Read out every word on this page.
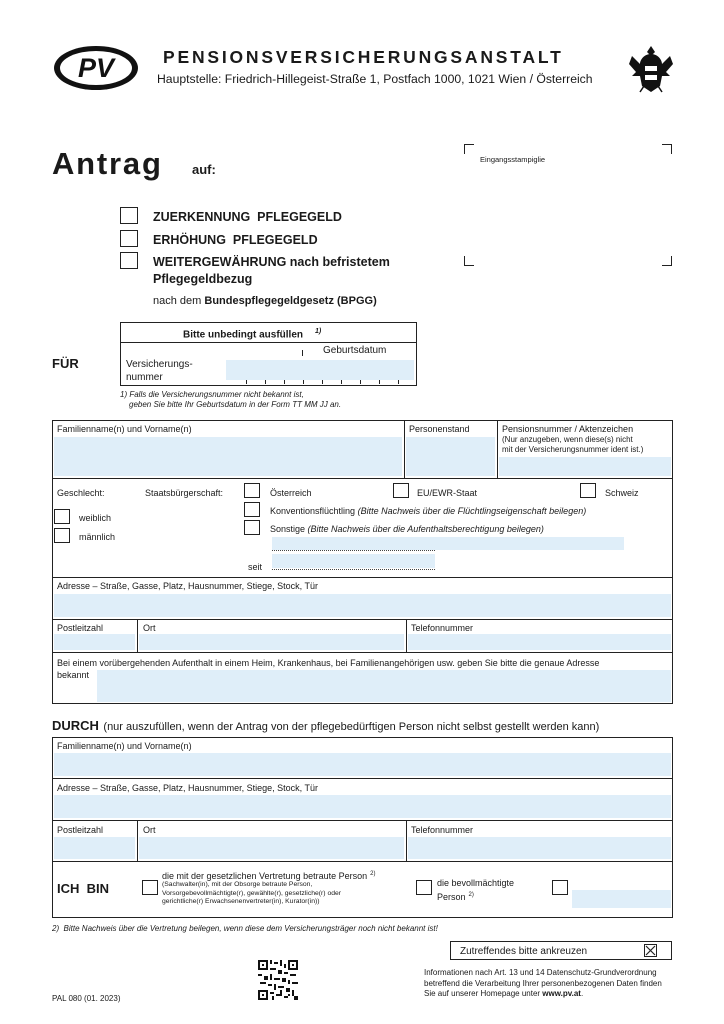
PV	PENSIONSVERSICHERUNGSANSTALT
Hauptstelle: Friedrich-Hillegeist-Straße 1, Postfach 1000, 1021 Wien / Österreich
Antrag auf:
Eingangsstampiglie
ZUERKENNUNG  PFLEGEGELD
ERHÖHUNG  PFLEGEGELD
WEITERGEWÄHRUNG nach befristetem
Pflegegeldbezug
nach dem Bundespflegegeldgesetz (BPGG)
FÜR
Bitte unbedingt ausfüllen $^{1)}$
Versicherungs-
nummer
Geburtsdatum
1) Falls die Versicherungsnummer nicht bekannt ist,
geben Sie bitte Ihr Geburtsdatum in der Form TT MM JJ an.
Familienname(n) und Vorname(n)	Personenstand	Pensionsnummer / Aktenzeichen
(Nur anzugeben, wenn diese(s) nicht
mit der Versicherungsnummer ident ist.)
Geschlecht:
weiblich
männlich
Staatsbürgerschaft:	Österreich	EU/EWR-Staat	Schweiz
Konventionsflüchtling (Bitte Nachweis über die Flüchtlingseigenschaft beilegen)
Sonstige (Bitte Nachweis über die Aufenthaltsberechtigung beilegen)
seit
Adresse – Straße, Gasse, Platz, Hausnummer, Stiege, Stock, Tür
Postleitzahl	Ort	Telefonnummer
Bei einem vorübergehenden Aufenthalt in einem Heim, Krankenhaus, bei Familienangehörigen usw. geben Sie bitte die genaue Adresse
bekannt
DURCH (nur auszufüllen, wenn der Antrag von der pflegebedürftigen Person nicht selbst gestellt werden kann)
Familienname(n) und Vorname(n)
Adresse – Straße, Gasse, Platz, Hausnummer, Stiege, Stock, Tür
Postleitzahl	Ort	Telefonnummer
ICH  BIN
die mit der gesetzlichen Vertretung betraute Person $^{2)}$
(Sachwalter(in), mit der Obsorge betraute Person,
Vorsorgebevollmächtigte(r), gewählte(r), gesetzliche(r) oder
gerichtliche(r) Erwachsenenvertreter(in), Kurator(in))
die bevollmächtigte
Person $^{2)}$
2)  Bitte Nachweis über die Vertretung beilegen, wenn diese dem Versicherungsträger noch nicht bekannt ist!
Zutreffendes bitte ankreuzen
Informationen nach Art. 13 und 14 Datenschutz-Grundverordnung
betreffend die Verarbeitung Ihrer personenbezogenen Daten finden
Sie auf unserer Homepage unter www.pv.at.
PAL 080 (01. 2023)
